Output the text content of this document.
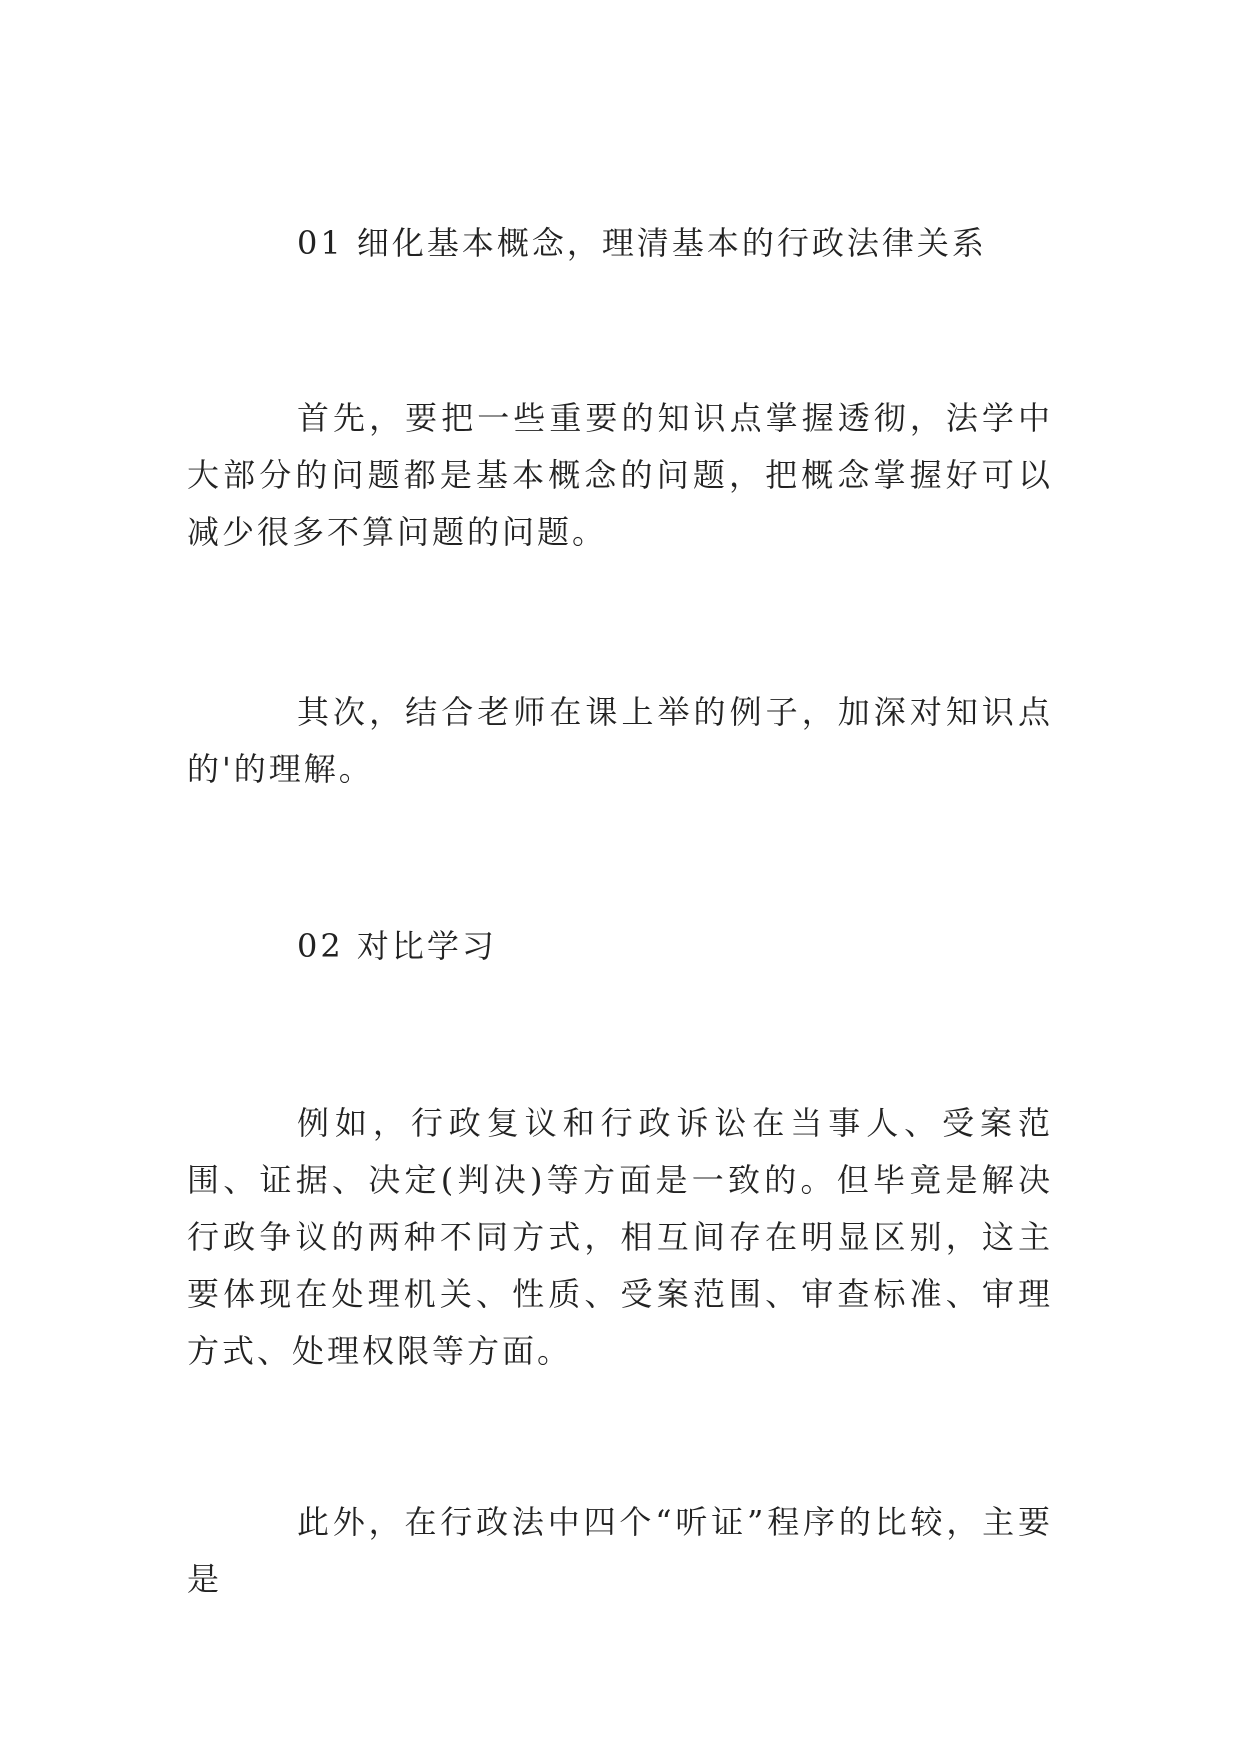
01 细化基本概念，理清基本的行政法律关系

首先，要把一些重要的知识点掌握透彻，法学中大部分的问题都是基本概念的问题，把概念掌握好可以减少很多不算问题的问题。

其次，结合老师在课上举的例子，加深对知识点的'的理解。

02 对比学习

例如，行政复议和行政诉讼在当事人、受案范围、证据、决定(判决)等方面是一致的。但毕竟是解决行政争议的两种不同方式，相互间存在明显区别，这主要体现在处理机关、性质、受案范围、审查标准、审理方式、处理权限等方面。

此外，在行政法中四个“听证”程序的比较，主要是
